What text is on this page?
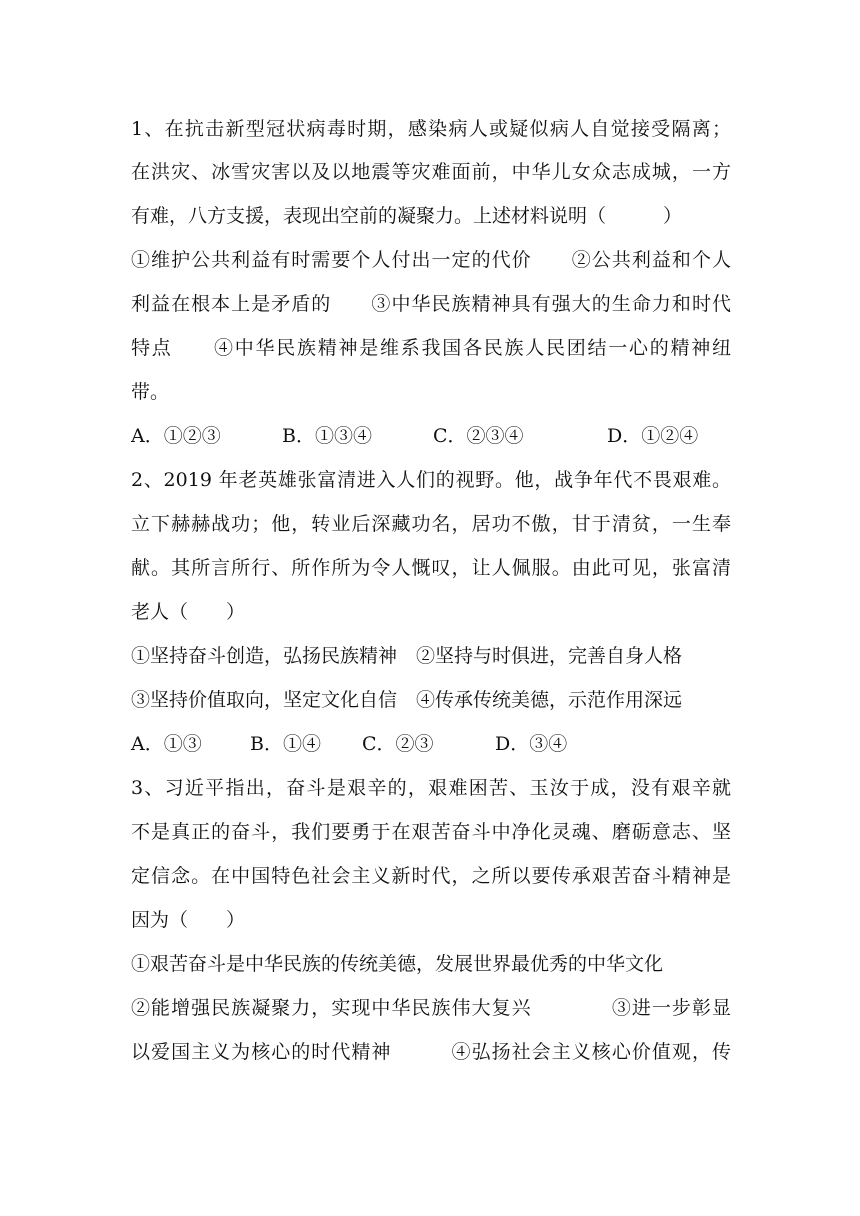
1、在抗击新型冠状病毒时期，感染病人或疑似病人自觉接受隔离；
在洪灾、冰雪灾害以及以地震等灾难面前，中华儿女众志成城，一方
有难，八方支援，表现出空前的凝聚力。上述材料说明（　　　）
①维护公共利益有时需要个人付出一定的代价　　②公共利益和个人
利益在根本上是矛盾的　　③中华民族精神具有强大的生命力和时代
特点　　④中华民族精神是维系我国各民族人民团结一心的精神纽
带。
A．①②③	B．①③④	C．②③④	D．①②④
2、2019 年老英雄张富清进入人们的视野。他，战争年代不畏艰难。
立下赫赫战功；他，转业后深藏功名，居功不傲，甘于清贫，一生奉
献。其所言所行、所作所为令人慨叹，让人佩服。由此可见，张富清
老人（　　）
①坚持奋斗创造，弘扬民族精神　②坚持与时俱进，完善自身人格
③坚持价值取向，坚定文化自信　④传承传统美德，示范作用深远
A．①③	B．①④ C．②③	D．③④
3、习近平指出，奋斗是艰辛的，艰难困苦、玉汝于成，没有艰辛就
不是真正的奋斗，我们要勇于在艰苦奋斗中净化灵魂、磨砺意志、坚
定信念。在中国特色社会主义新时代，之所以要传承艰苦奋斗精神是
因为（　　）
①艰苦奋斗是中华民族的传统美德，发展世界最优秀的中华文化
②能增强民族凝聚力，实现中华民族伟大复兴　　　　③进一步彰显
以爱国主义为核心的时代精神　　　④弘扬社会主义核心价值观，传
